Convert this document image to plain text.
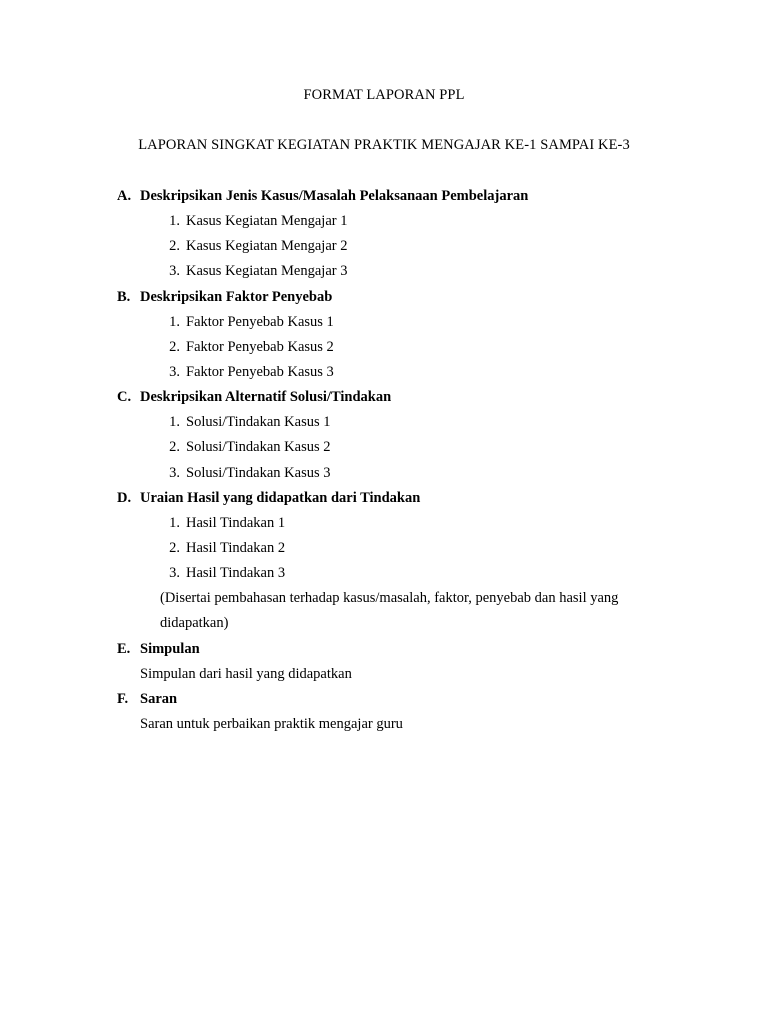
FORMAT LAPORAN PPL
LAPORAN SINGKAT KEGIATAN PRAKTIK MENGAJAR KE-1 SAMPAI KE-3
A. Deskripsikan Jenis Kasus/Masalah Pelaksanaan Pembelajaran
1. Kasus Kegiatan Mengajar 1
2. Kasus Kegiatan Mengajar 2
3. Kasus Kegiatan Mengajar 3
B. Deskripsikan Faktor Penyebab
1. Faktor Penyebab Kasus 1
2. Faktor Penyebab Kasus 2
3. Faktor Penyebab Kasus 3
C. Deskripsikan Alternatif Solusi/Tindakan
1. Solusi/Tindakan Kasus 1
2. Solusi/Tindakan Kasus 2
3. Solusi/Tindakan Kasus 3
D. Uraian Hasil yang didapatkan dari Tindakan
1. Hasil Tindakan 1
2. Hasil Tindakan 2
3. Hasil Tindakan 3
(Disertai pembahasan terhadap kasus/masalah, faktor, penyebab dan hasil yang didapatkan)
E. Simpulan
Simpulan dari hasil yang didapatkan
F. Saran
Saran untuk perbaikan praktik mengajar guru
